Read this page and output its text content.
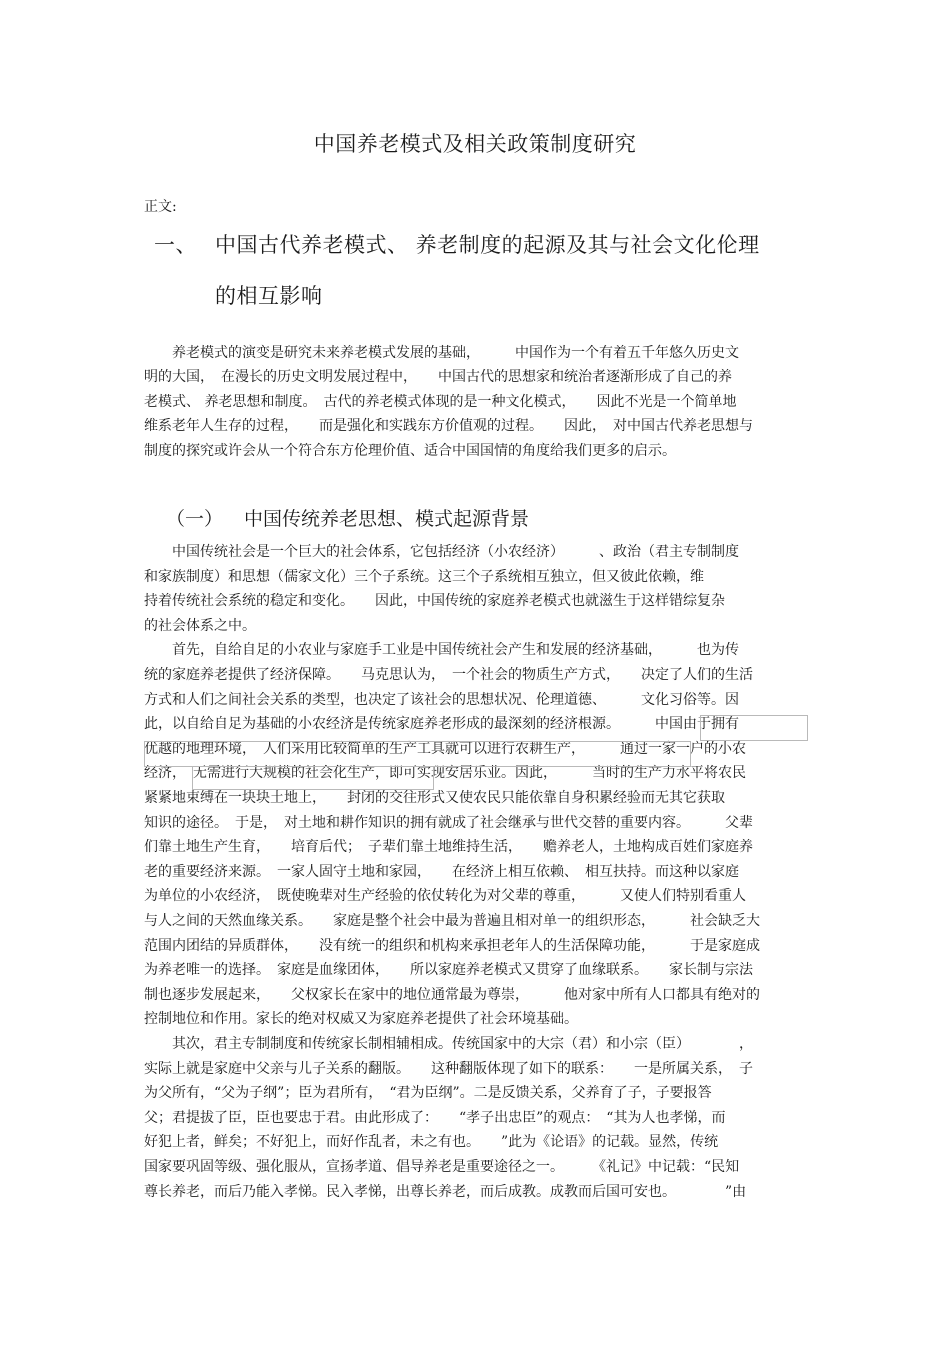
中国养老模式及相关政策制度研究
正文:
一、 中国古代养老模式、 养老制度的起源及其与社会文化伦理
的相互影响
　　养老模式的演变是研究未来养老模式发展的基础，　　　中国作为一个有着五千年悠久历史文
明的大国，　在漫长的历史文明发展过程中，　　中国古代的思想家和统治者逐渐形成了自己的养
老模式、 养老思想和制度。　古代的养老模式体现的是一种文化模式，　　因此不光是一个简单地
维系老年人生存的过程，　　而是强化和实践东方价值观的过程。　　因此，　对中国古代养老思想与
制度的探究或许会从一个符合东方伦理价值、适合中国国情的角度给我们更多的启示。
（一） 中国传统养老思想、模式起源背景
　　中国传统社会是一个巨大的社会体系，它包括经济（小农经济）　　　、政治（君主专制制度
和家族制度）和思想（儒家文化）三个子系统。这三个子系统相互独立，但又彼此依赖，维
持着传统社会系统的稳定和变化。　　因此，中国传统的家庭养老模式也就滋生于这样错综复杂
的社会体系之中。
　　首先，自给自足的小农业与家庭手工业是中国传统社会产生和发展的经济基础，　　　也为传
统的家庭养老提供了经济保障。　　马克思认为，　一个社会的物质生产方式，　　决定了人们的生活
方式和人们之间社会关系的类型，也决定了该社会的思想状况、伦理道德、　　　文化习俗等。因
此，以自给自足为基础的小农经济是传统家庭养老形成的最深刻的经济根源。　　　中国由于拥有
优越的地理环境，　人们采用比较简单的生产工具就可以进行农耕生产，　　　通过一家一户的小农
经济，　无需进行大规模的社会化生产，即可实现安居乐业。因此，　　　当时的生产力水平将农民
紧紧地束缚在一块块土地上，　　封闭的交往形式又使农民只能依靠自身积累经验而无其它获取
知识的途径。　于是，　对土地和耕作知识的拥有就成了社会继承与世代交替的重要内容。　　　父辈
们靠土地生产生育，　　培育后代；　子辈们靠土地维持生活，　　赡养老人，土地构成百姓们家庭养
老的重要经济来源。　一家人固守土地和家园，　　在经济上相互依赖、　相互扶持。而这种以家庭
为单位的小农经济，　既使晚辈对生产经验的依仗转化为对父辈的尊重，　　　又使人们特别看重人
与人之间的天然血缘关系。　　家庭是整个社会中最为普遍且相对单一的组织形态，　　　社会缺乏大
范围内团结的异质群体，　　没有统一的组织和机构来承担老年人的生活保障功能，　　　于是家庭成
为养老唯一的选择。　家庭是血缘团体，　　所以家庭养老模式又贯穿了血缘联系。　　家长制与宗法
制也逐步发展起来，　　父权家长在家中的地位通常最为尊崇，　　　他对家中所有人口都具有绝对的
控制地位和作用。家长的绝对权威又为家庭养老提供了社会环境基础。
　　其次，君主专制制度和传统家长制相辅相成。传统国家中的大宗（君）和小宗（臣）　　　　，
实际上就是家庭中父亲与儿子关系的翻版。　　这种翻版体现了如下的联系：　　一是所属关系，　子
为父所有，“父为子纲”；臣为君所有，　“君为臣纲”。二是反馈关系，父养育了子，子要报答
父；君提拔了臣，臣也要忠于君。由此形成了：　　“孝子出忠臣”的观点：　“其为人也孝悌，而
好犯上者，鲜矣；不好犯上，而好作乱者，未之有也。　　”此为《论语》的记载。显然，传统
国家要巩固等级、强化服从，宣扬孝道、倡导养老是重要途径之一。　　　《礼记》中记载：“民知
尊长养老，而后乃能入孝悌。民入孝悌，出尊长养老，而后成教。成教而后国可安也。　　　　”由
